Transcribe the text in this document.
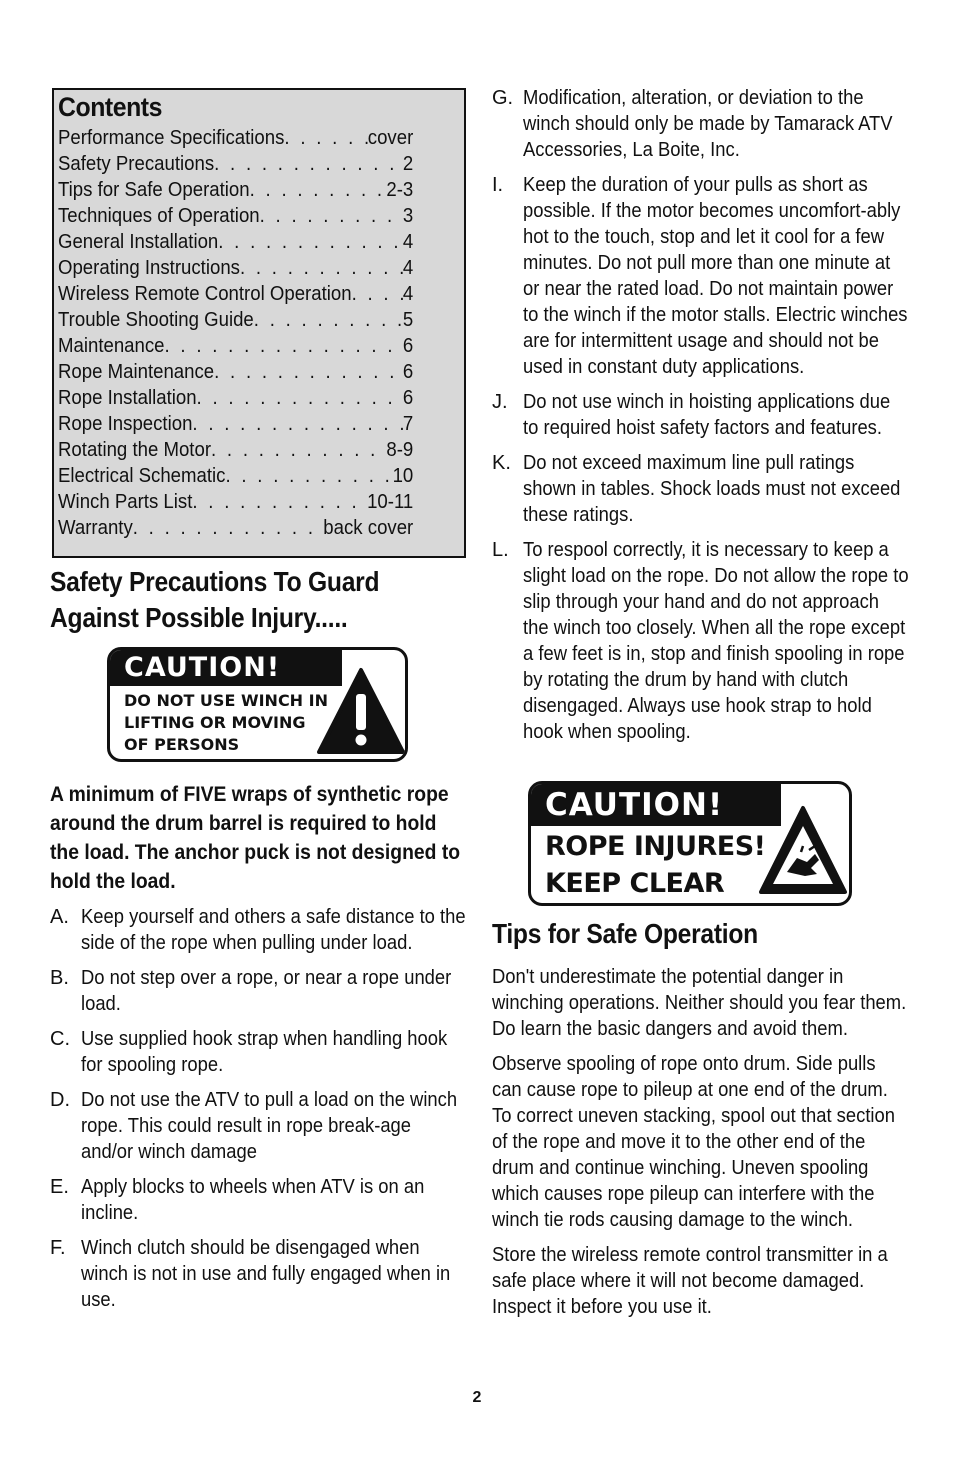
Contents
Performance Specifications . . .	cover
Safety Precautions . . .	2
Tips for Safe Operation . . .	2-3
Techniques of Operation . . .	3
General Installation . . .	4
Operating Instructions . . .	4
Wireless Remote Control Operation . . .	4
Trouble Shooting Guide . . .	5
Maintenance . . .	6
Rope Maintenance . . .	6
Rope Installation . . .	6
Rope Inspection . . .	7
Rotating the Motor . . .	8-9
Electrical Schematic . . .	10
Winch Parts List . . .	10-11
Warranty . . .	back cover
Safety Precautions To Guard
Against Possible Injury.....
CAUTION!
DO NOT USE WINCH IN
LIFTING OR MOVING
OF PERSONS

A minimum of FIVE wraps of synthetic rope around the drum barrel is required to hold the load. The anchor puck is not designed to hold the load.

A. Keep yourself and others a safe distance to the side of the rope when pulling under load.
B. Do not step over a rope, or near a rope under load.
C. Use supplied hook strap when handling hook for spooling rope.
D. Do not use the ATV to pull a load on the winch rope. This could result in rope break-age and/or winch damage
E. Apply blocks to wheels when ATV is on an incline.
F. Winch clutch should be disengaged when winch is not in use and fully engaged when in use.
G. Modification, alteration, or deviation to the winch should only be made by Tamarack ATV Accessories, La Boite, Inc.
I. Keep the duration of your pulls as short as possible. If the motor becomes uncomfort-ably hot to the touch, stop and let it cool for a few minutes. Do not pull more than one minute at or near the rated load. Do not maintain power to the winch if the motor stalls. Electric winches are for intermittent usage and should not be used in constant duty applications.
J. Do not use winch in hoisting applications due to required hoist safety factors and features.
K. Do not exceed maximum line pull ratings shown in tables. Shock loads must not exceed these ratings.
L. To respool correctly, it is necessary to keep a slight load on the rope. Do not allow the rope to slip through your hand and do not approach the winch too closely. When all the rope except a few feet is in, stop and finish spooling in rope by rotating the drum by hand with clutch disengaged. Always use hook strap to hold hook when spooling.
CAUTION!
ROPE INJURES!
KEEP CLEAR
Tips for Safe Operation

Don't underestimate the potential danger in winching operations. Neither should you fear them. Do learn the basic dangers and avoid them.

Observe spooling of rope onto drum. Side pulls can cause rope to pileup at one end of the drum. To correct uneven stacking, spool out that section of the rope and move it to the other end of the drum and continue winching. Uneven spooling which causes rope pileup can interfere with the winch tie rods causing damage to the winch.

Store the wireless remote control transmitter in a safe place where it will not become damaged. Inspect it before you use it.

2
